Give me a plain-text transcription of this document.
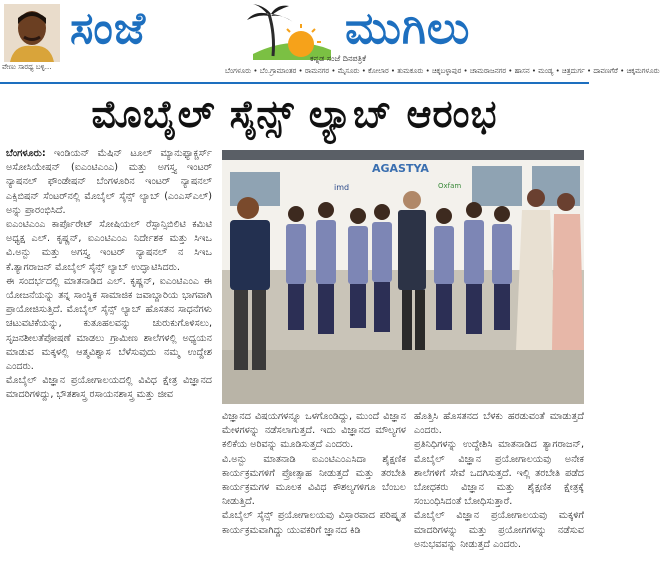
ವೇಣು ಸಾರಥ್ಯ ಬಳ್ಳಿ...
ಸಂಜೆ	ಮುಗಿಲು
ಕನ್ನಡ ಸಂಜೆ ದಿನಪತ್ರಿಕೆ
ಬೆಂಗಳೂರು • ಬೆಂ.ಗ್ರಾಮಾಂತರ • ರಾಮನಗರ • ಮೈಸೂರು • ಕೋಲಾರ • ತುಮಕೂರು • ಚಿಕ್ಕಬಳ್ಳಾಪುರ • ಚಾಮರಾಜನಗರ • ಹಾಸನ • ಮಂಡ್ಯ • ಚಿತ್ರದುರ್ಗ • ದಾವಣಗೆರೆ • ಚಿಕ್ಕಮಗಳೂರು
ಮೊಬೈಲ್ ಸೈನ್ಸ್ ಲ್ಯಾಬ್ ಆರಂಭ

ಬೆಂಗಳೂರು: ಇಂಡಿಯನ್ ಮೆಷಿನ್ ಟೂಲ್ ಮ್ಯಾನುಫ್ಯಾಕ್ಚರ್ಸ್ ಅಸೋಸಿಯೇಷನ್ (ಐಎಂಟಿಎಂಎ) ಮತ್ತು ಅಗಸ್ತ್ಯ ಇಂಟರ್ ನ್ಯಾಷನಲ್ ಫೌಂಡೇಷನ್ ಬೆಂಗಳೂರಿನ ಇಂಟರ್ ನ್ಯಾಷನಲ್ ಎಕ್ಸಿಬಿಷನ್ ಸೆಂಟರ್‌ನಲ್ಲಿ ಮೊಬೈಲ್ ಸೈನ್ಸ್ ಲ್ಯಾಬ್ (ಎಂಎಸ್‌ಎಲ್) ಅನ್ನು ಪ್ರಾರಂಭಿಸಿದೆ.

ಐಎಂಟಿಎಂಎ ಕಾರ್ಪೊರೇಟ್ ಸೋಷಿಯಲ್ ರೆಸ್ಪಾನ್ಸಿಬಿಲಿಟಿ ಕಮಿಟಿ ಅಧ್ಯಕ್ಷ ಎಲ್. ಕೃಷ್ಣನ್, ಐಎಂಟಿಎಂಎ ನಿರ್ದೇಶಕ ಮತ್ತು ಸಿಇಒ ವಿ.ಅನ್ಬು ಮತ್ತು ಅಗಸ್ತ್ಯ ಇಂಟರ್ ನ್ಯಾಷನಲ್ ನ ಸಿಇಒ ಕೆ.ತ್ಯಾಗರಾಜನ್ ಮೊಬೈಲ್ ಸೈನ್ಸ್ ಲ್ಯಾಬ್ ಉದ್ಘಾಟಿಸಿದರು.

ಈ ಸಂದರ್ಭದಲ್ಲಿ ಮಾತನಾಡಿದ ಎಲ್. ಕೃಷ್ಣನ್, ಐಎಂಟಿಎಂಎ ಈ ಯೋಜನೆಯನ್ನು ತನ್ನ ಸಾಂಸ್ಥಿಕ ಸಾಮಾಜಿಕ ಜವಾಬ್ದಾರಿಯ ಭಾಗವಾಗಿ ಪ್ರಾಯೋಜಿಸುತ್ತಿದೆ. ಮೊಬೈಲ್ ಸೈನ್ಸ್ ಲ್ಯಾಬ್ ಹೊಸತನ ಸಾಧನೆಗಳು ಚಟುವಟಿಕೆಯನ್ನು, ಕುತೂಹಲವನ್ನು ಚುರುಕುಗೊಳಿಸಲು, ಸೃಜನಶೀಲತೆಪೋಷಣೆ ಮಾಡಲು ಗ್ರಾಮೀಣ ಶಾಲೆಗಳಲ್ಲಿ ಅಧ್ಯಯನ ಮಾಡುವ ಮಕ್ಕಳಲ್ಲಿ ಆತ್ಮವಿಶ್ವಾಸ ಬೆಳೆಸುವುದು ನಮ್ಮ ಉದ್ದೇಶ ಎಂದರು.

ಮೊಬೈಲ್ ವಿಜ್ಞಾನ ಪ್ರಯೋಗಾಲಯದಲ್ಲಿ ವಿವಿಧ ಕ್ಷೇತ್ರ ವಿಜ್ಞಾನದ ಮಾದರಿಗಳಿದ್ದು, ಭೌತಶಾಸ್ತ್ರ ರಸಾಯನಶಾಸ್ತ್ರ ಮತ್ತು ಜೀವ

AGASTYA
imd	Oxfam

ವಿಜ್ಞಾನದ ವಿಷಯಗಳನ್ನೂ ಒಳಗೊಂಡಿದ್ದು, ಮುಂದೆ ವಿಜ್ಞಾನ ಮೇಳಗಳನ್ನು ನಡೆಸಲಾಗುತ್ತದೆ. ಇದು ವಿಜ್ಞಾನದ ಮೌಲ್ಯಗಳ ಕಲಿಕೆಯ ಅರಿವನ್ನು ಮೂಡಿಸುತ್ತದೆ ಎಂದರು.

ವಿ.ಅನ್ಬು ಮಾತನಾಡಿ ಐಎಂಟಿಎಂಎಸಿದಾ ಶೈಕ್ಷಣಿಕ ಕಾರ್ಯಕ್ರಮಗಳಿಗೆ ಪ್ರೋತ್ಸಾಹ ನೀಡುತ್ತದೆ ಮತ್ತು ತರಬೇತಿ ಕಾರ್ಯಕ್ರಮಗಳ ಮೂಲಕ ವಿವಿಧ ಕೌಶಲ್ಯಗಳಿಗೂ ಬೆಂಬಲ ನೀಡುತ್ತಿದೆ.

ಮೊಬೈಲ್ ಸೈನ್ಸ್ ಪ್ರಯೋಗಾಲಯವು ವಿಸ್ತಾರವಾದ ಪರಿಷ್ಕೃತ ಕಾರ್ಯಕ್ರಮವಾಗಿದ್ದು ಯುವಕರಿಗೆ ಜ್ಞಾನದ ಕಿಡಿ

ಹೊತ್ತಿಸಿ ಹೊಸತನದ ಬೆಳಕು ಹರಡುವಂತೆ ಮಾಡುತ್ತದೆ ಎಂದರು.

ಪ್ರತಿನಿಧಿಗಳನ್ನು ಉದ್ದೇಶಿಸಿ ಮಾತನಾಡಿದ ತ್ಯಾಗರಾಜನ್, ಮೊಬೈಲ್ ವಿಜ್ಞಾನ ಪ್ರಯೋಗಾಲಯವು ಅನೇಕ ಶಾಲೆಗಳಿಗೆ ಸೇವೆ ಒದಗಿಸುತ್ತದೆ. ಇಲ್ಲಿ ತರಬೇತಿ ಪಡೆದ ಬೋಧಕರು ವಿಜ್ಞಾನ ಮತ್ತು ಶೈಕ್ಷಣಿಕ ಕ್ಷೇತ್ರಕ್ಕೆ ಸಂಬಂಧಿಸಿದಂತೆ ಬೋಧಿಸುತ್ತಾರೆ.

ಮೊಬೈಲ್ ವಿಜ್ಞಾನ ಪ್ರಯೋಗಾಲಯವು ಮಕ್ಕಳಿಗೆ ಮಾದರಿಗಳನ್ನು ಮತ್ತು ಪ್ರಯೋಗಗಳನ್ನು ನಡೆಸುವ ಅನುಭವವನ್ನು ನೀಡುತ್ತದೆ ಎಂದರು.
